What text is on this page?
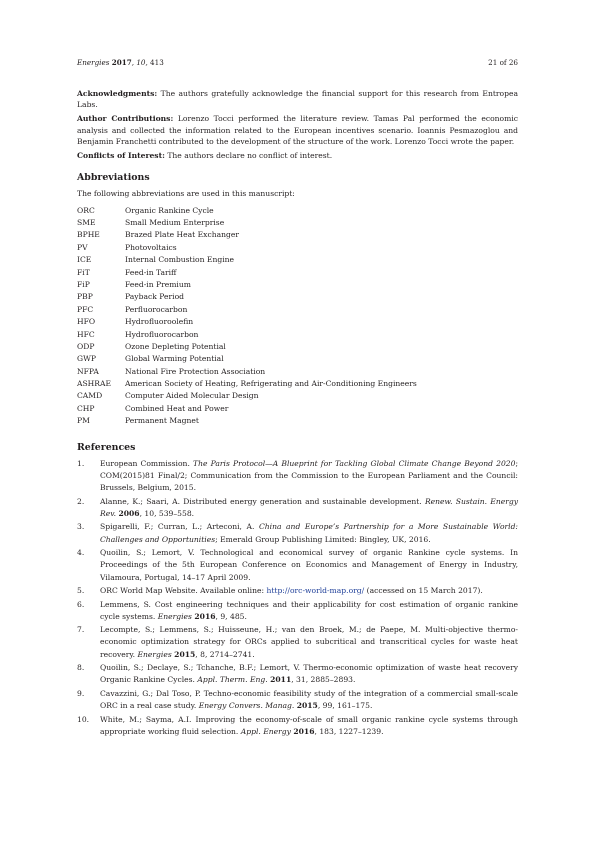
Energies 2017, 10, 413	21 of 26

Acknowledgments: The authors gratefully acknowledge the financial support for this research from Entropea Labs.

Author Contributions: Lorenzo Tocci performed the literature review. Tamas Pal performed the economic analysis and collected the information related to the European incentives scenario. Ioannis Pesmazoglou and Benjamin Franchetti contributed to the development of the structure of the work. Lorenzo Tocci wrote the paper.

Conflicts of Interest: The authors declare no conflict of interest.

Abbreviations

The following abbreviations are used in this manuscript:

ORC	Organic Rankine Cycle
SME	Small Medium Enterprise
BPHE	Brazed Plate Heat Exchanger
PV	Photovoltaics
ICE	Internal Combustion Engine
FiT	Feed-in Tariff
FiP	Feed-in Premium
PBP	Payback Period
PFC	Perfluorocarbon
HFO	Hydrofluoroolefin
HFC	Hydrofluorocarbon
ODP	Ozone Depleting Potential
GWP	Global Warming Potential
NFPA	National Fire Protection Association
ASHRAE	American Society of Heating, Refrigerating and Air-Conditioning Engineers
CAMD	Computer Aided Molecular Design
CHP	Combined Heat and Power
PM	Permanent Magnet
References
1.	European Commission. The Paris Protocol—A Blueprint for Tackling Global Climate Change Beyond 2020; COM(2015)81 Final/2; Communication from the Commission to the European Parliament and the Council: Brussels, Belgium, 2015.
2.	Alanne, K.; Saari, A. Distributed energy generation and sustainable development. Renew. Sustain. Energy Rev. 2006, 10, 539–558.
3.	Spigarelli, F.; Curran, L.; Arteconi, A. China and Europe’s Partnership for a More Sustainable World: Challenges and Opportunities; Emerald Group Publishing Limited: Bingley, UK, 2016.
4.	Quoilin, S.; Lemort, V. Technological and economical survey of organic Rankine cycle systems. In Proceedings of the 5th European Conference on Economics and Management of Energy in Industry, Vilamoura, Portugal, 14–17 April 2009.
5.	ORC World Map Website. Available online: http://orc-world-map.org/ (accessed on 15 March 2017).
6.	Lemmens, S. Cost engineering techniques and their applicability for cost estimation of organic rankine cycle systems. Energies 2016, 9, 485.
7.	Lecompte, S.; Lemmens, S.; Huisseune, H.; van den Broek, M.; de Paepe, M. Multi-objective thermo-economic optimization strategy for ORCs applied to subcritical and transcritical cycles for waste heat recovery. Energies 2015, 8, 2714–2741.
8.	Quoilin, S.; Declaye, S.; Tchanche, B.F.; Lemort, V. Thermo-economic optimization of waste heat recovery Organic Rankine Cycles. Appl. Therm. Eng. 2011, 31, 2885–2893.
9.	Cavazzini, G.; Dal Toso, P. Techno-economic feasibility study of the integration of a commercial small-scale ORC in a real case study. Energy Convers. Manag. 2015, 99, 161–175.
10.	White, M.; Sayma, A.I. Improving the economy-of-scale of small organic rankine cycle systems through appropriate working fluid selection. Appl. Energy 2016, 183, 1227–1239.
